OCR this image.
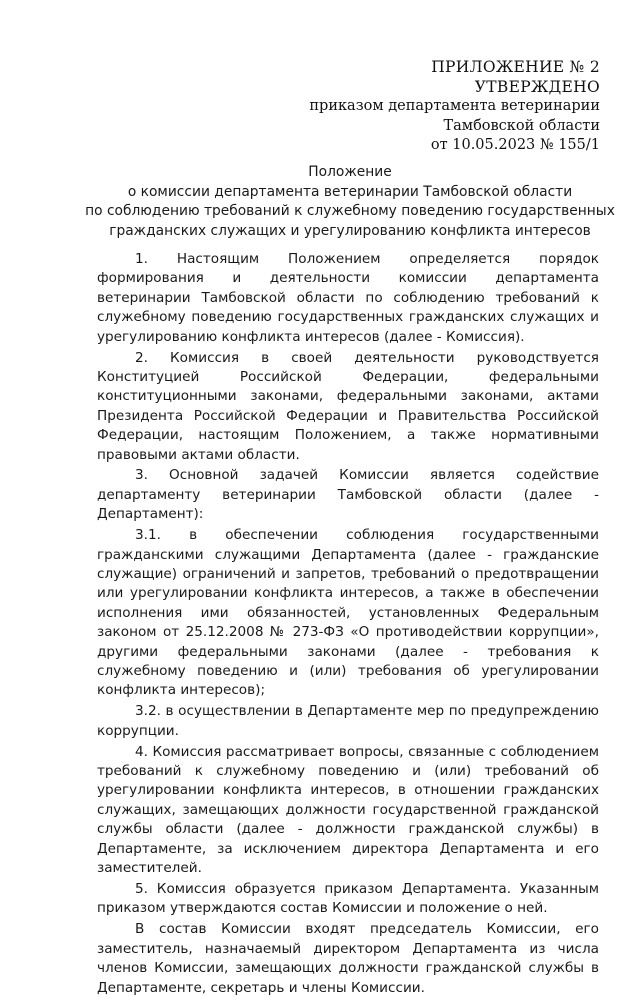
ПРИЛОЖЕНИЕ № 2
УТВЕРЖДЕНО
приказом департамента ветеринарии
Тамбовской области
от 10.05.2023 № 155/1
Положение
о комиссии департамента ветеринарии Тамбовской области
по соблюдению требований к служебному поведению государственных
гражданских служащих и урегулированию конфликта интересов

1. Настоящим Положением определяется порядок формирования и деятельности комиссии департамента ветеринарии Тамбовской области по соблюдению требований к служебному поведению государственных гражданских служащих и урегулированию конфликта интересов (далее - Комиссия).

2. Комиссия в своей деятельности руководствуется Конституцией Российской Федерации, федеральными конституционными законами, федеральными законами, актами Президента Российской Федерации и Правительства Российской Федерации, настоящим Положением, а также нормативными правовыми актами области.

3. Основной задачей Комиссии является содействие департаменту ветеринарии Тамбовской области (далее - Департамент):

3.1. в обеспечении соблюдения государственными гражданскими служащими Департамента (далее - гражданские служащие) ограничений и запретов, требований о предотвращении или урегулировании конфликта интересов, а также в обеспечении исполнения ими обязанностей, установленных Федеральным законом от 25.12.2008 № 273-ФЗ «О противодействии коррупции», другими федеральными законами (далее - требования к служебному поведению и (или) требования об урегулировании конфликта интересов);

3.2. в осуществлении в Департаменте мер по предупреждению коррупции.

4. Комиссия рассматривает вопросы, связанные с соблюдением требований к служебному поведению и (или) требований об урегулировании конфликта интересов, в отношении гражданских служащих, замещающих должности государственной гражданской службы области (далее - должности гражданской службы) в Департаменте, за исключением директора Департамента и его заместителей.

5. Комиссия образуется приказом Департамента. Указанным приказом утверждаются состав Комиссии и положение о ней.

В состав Комиссии входят председатель Комиссии, его заместитель, назначаемый директором Департамента из числа членов Комиссии, замещающих должности гражданской службы в Департаменте, секретарь и члены Комиссии.
